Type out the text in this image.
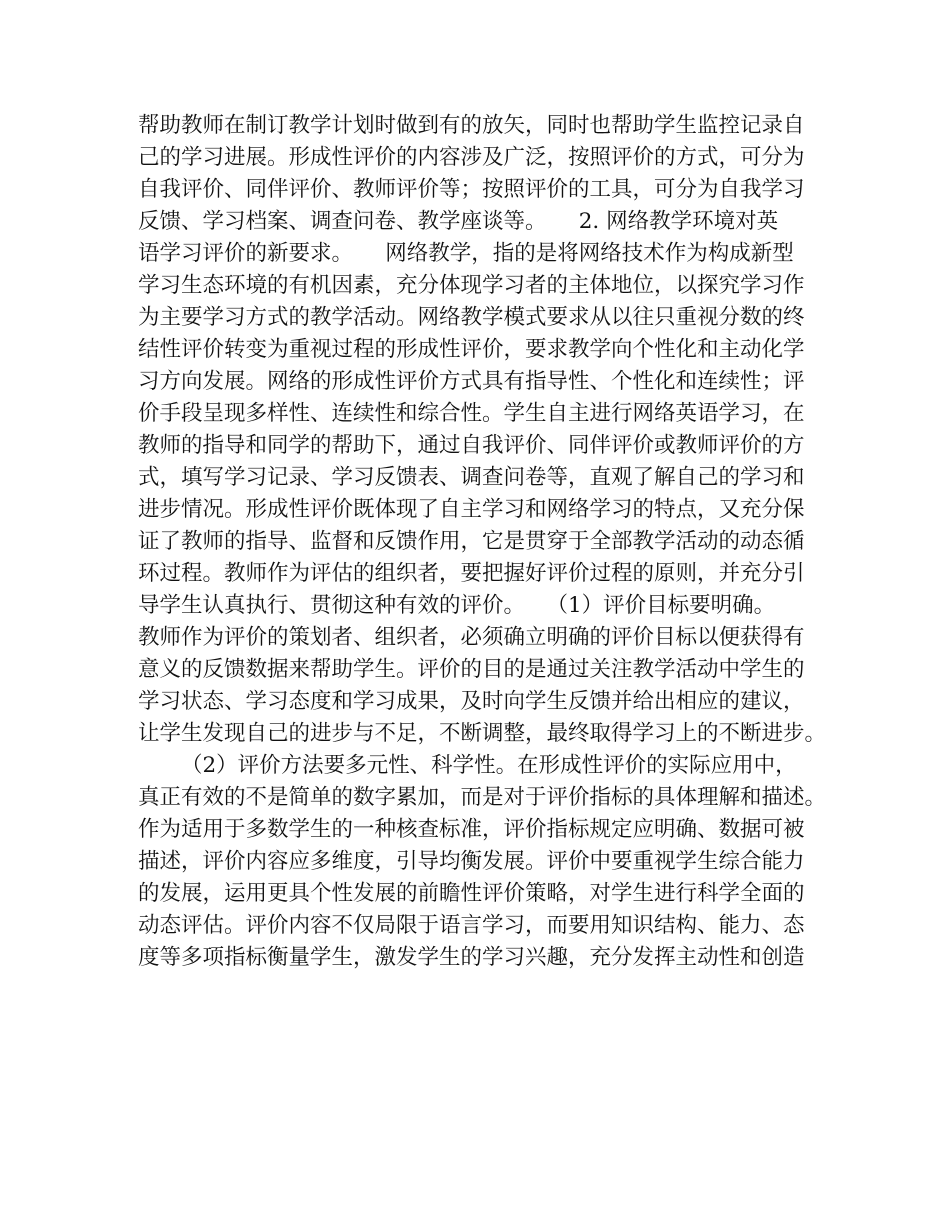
帮助教师在制订教学计划时做到有的放矢，同时也帮助学生监控记录自
己的学习进展。形成性评价的内容涉及广泛，按照评价的方式，可分为
自我评价、同伴评价、教师评价等；按照评价的工具，可分为自我学习
反馈、学习档案、调查问卷、教学座谈等。　　2. 网络教学环境对英
语学习评价的新要求。　　网络教学，指的是将网络技术作为构成新型
学习生态环境的有机因素，充分体现学习者的主体地位，以探究学习作
为主要学习方式的教学活动。网络教学模式要求从以往只重视分数的终
结性评价转变为重视过程的形成性评价，要求教学向个性化和主动化学
习方向发展。网络的形成性评价方式具有指导性、个性化和连续性；评
价手段呈现多样性、连续性和综合性。学生自主进行网络英语学习，在
教师的指导和同学的帮助下，通过自我评价、同伴评价或教师评价的方
式，填写学习记录、学习反馈表、调查问卷等，直观了解自己的学习和
进步情况。形成性评价既体现了自主学习和网络学习的特点，又充分保
证了教师的指导、监督和反馈作用，它是贯穿于全部教学活动的动态循
环过程。教师作为评估的组织者，要把握好评价过程的原则，并充分引
导学生认真执行、贯彻这种有效的评价。　　（1）评价目标要明确。
教师作为评价的策划者、组织者，必须确立明确的评价目标以便获得有
意义的反馈数据来帮助学生。评价的目的是通过关注教学活动中学生的
学习状态、学习态度和学习成果，及时向学生反馈并给出相应的建议，
让学生发现自己的进步与不足，不断调整，最终取得学习上的不断进步。
（2）评价方法要多元性、科学性。在形成性评价的实际应用中，
真正有效的不是简单的数字累加，而是对于评价指标的具体理解和描述。
作为适用于多数学生的一种核查标准，评价指标规定应明确、数据可被
描述，评价内容应多维度，引导均衡发展。评价中要重视学生综合能力
的发展，运用更具个性发展的前瞻性评价策略，对学生进行科学全面的
动态评估。评价内容不仅局限于语言学习，而要用知识结构、能力、态
度等多项指标衡量学生，激发学生的学习兴趣，充分发挥主动性和创造
